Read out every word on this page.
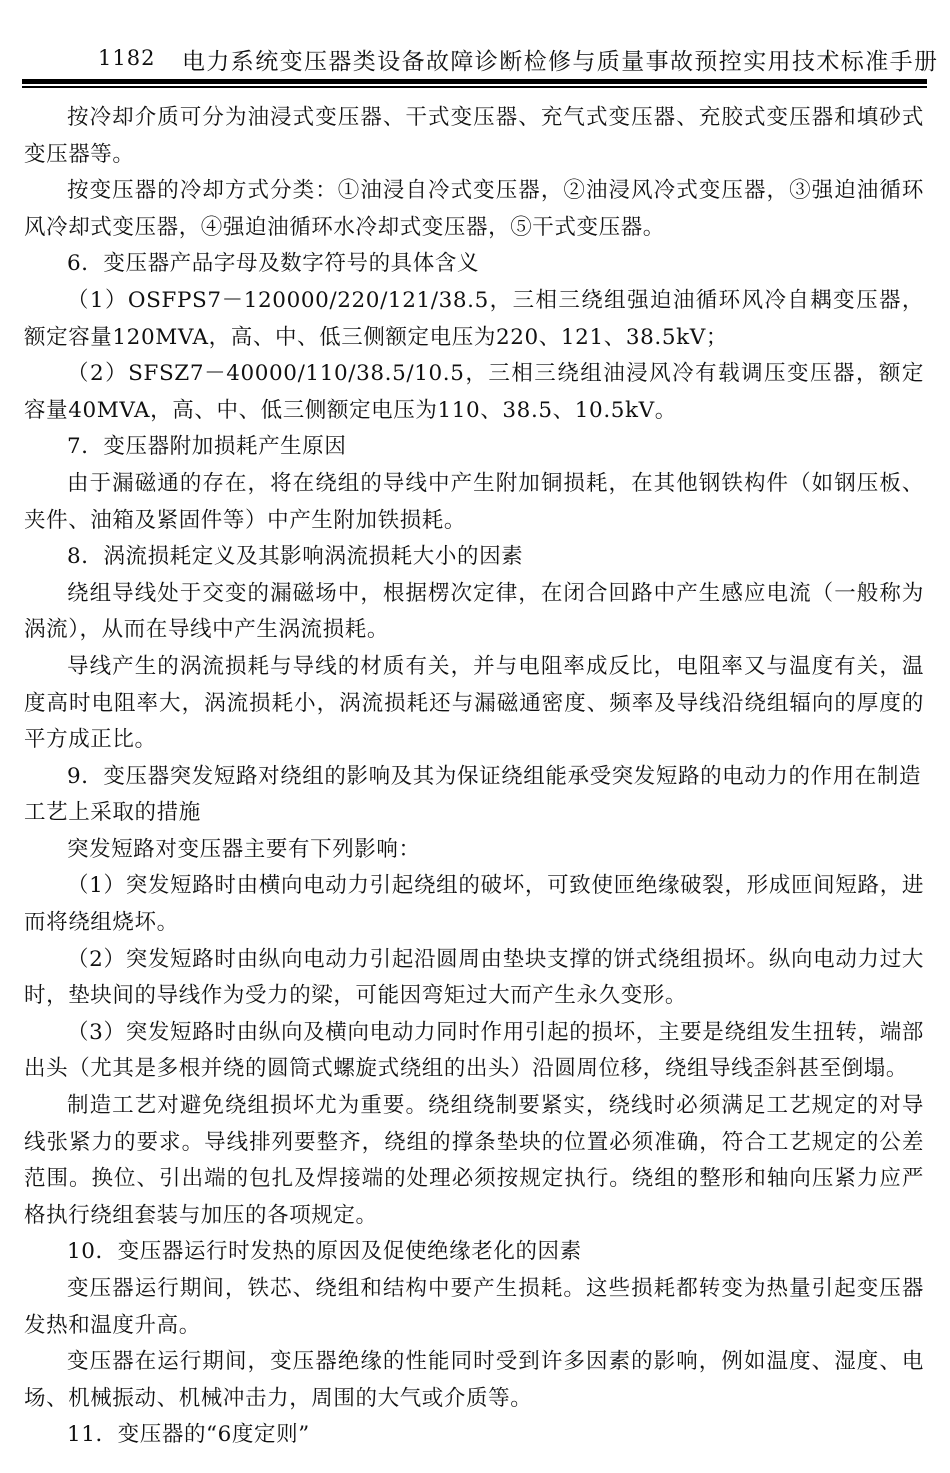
1182 电力系统变压器类设备故障诊断检修与质量事故预控实用技术标准手册

按冷却介质可分为油浸式变压器、干式变压器、充气式变压器、充胶式变压器和填砂式变压器等。

按变压器的冷却方式分类：①油浸自冷式变压器，②油浸风冷式变压器，③强迫油循环风冷却式变压器，④强迫油循环水冷却式变压器，⑤干式变压器。

6．变压器产品字母及数字符号的具体含义

（1）OSFPS7－120000/220/121/38.5，三相三绕组强迫油循环风冷自耦变压器，额定容量120MVA，高、中、低三侧额定电压为220、121、38.5kV；

（2）SFSZ7－40000/110/38.5/10.5，三相三绕组油浸风冷有载调压变压器，额定容量40MVA，高、中、低三侧额定电压为110、38.5、10.5kV。

7．变压器附加损耗产生原因

由于漏磁通的存在，将在绕组的导线中产生附加铜损耗，在其他钢铁构件（如钢压板、夹件、油箱及紧固件等）中产生附加铁损耗。

8．涡流损耗定义及其影响涡流损耗大小的因素

绕组导线处于交变的漏磁场中，根据楞次定律，在闭合回路中产生感应电流（一般称为涡流），从而在导线中产生涡流损耗。

导线产生的涡流损耗与导线的材质有关，并与电阻率成反比，电阻率又与温度有关，温度高时电阻率大，涡流损耗小，涡流损耗还与漏磁通密度、频率及导线沿绕组辐向的厚度的平方成正比。

9．变压器突发短路对绕组的影响及其为保证绕组能承受突发短路的电动力的作用在制造工艺上采取的措施

突发短路对变压器主要有下列影响：

（1）突发短路时由横向电动力引起绕组的破坏，可致使匝绝缘破裂，形成匝间短路，进而将绕组烧坏。

（2）突发短路时由纵向电动力引起沿圆周由垫块支撑的饼式绕组损坏。纵向电动力过大时，垫块间的导线作为受力的梁，可能因弯矩过大而产生永久变形。

（3）突发短路时由纵向及横向电动力同时作用引起的损坏，主要是绕组发生扭转，端部出头（尤其是多根并绕的圆筒式螺旋式绕组的出头）沿圆周位移，绕组导线歪斜甚至倒塌。

制造工艺对避免绕组损坏尤为重要。绕组绕制要紧实，绕线时必须满足工艺规定的对导线张紧力的要求。导线排列要整齐，绕组的撑条垫块的位置必须准确，符合工艺规定的公差范围。换位、引出端的包扎及焊接端的处理必须按规定执行。绕组的整形和轴向压紧力应严格执行绕组套装与加压的各项规定。

10．变压器运行时发热的原因及促使绝缘老化的因素

变压器运行期间，铁芯、绕组和结构中要产生损耗。这些损耗都转变为热量引起变压器发热和温度升高。

变压器在运行期间，变压器绝缘的性能同时受到许多因素的影响，例如温度、湿度、电场、机械振动、机械冲击力，周围的大气或介质等。

11．变压器的“6度定则”
